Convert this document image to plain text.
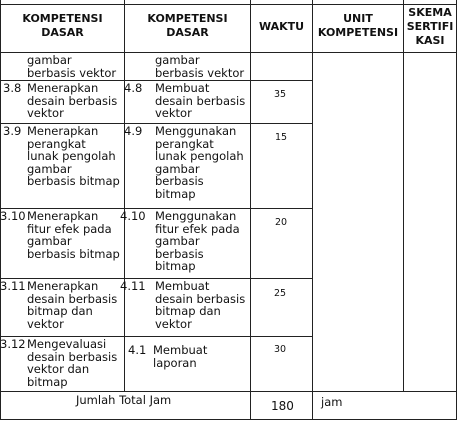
KOMPETENSI DASAR
KOMPETENSI DASAR	WAKTU
UNIT KOMPETENSI
SKEMA SERTIFIKASI
gambar
berbasis vektor
gambar
berbasis vektor
3.8 Menerapkan
desain berbasis
vektor
4.8 Membuat
desain berbasis
vektor
35
3.9 Menerapkan
perangkat
lunak pengolah
gambar
berbasis bitmap
4.9 Menggunakan
perangkat
lunak pengolah
gambar
berbasis
bitmap
15
3.10 Menerapkan
fitur efek pada
gambar
berbasis bitmap
4.10 Menggunakan
fitur efek pada
gambar
berbasis
bitmap
20
3.11 Menerapkan
desain berbasis
bitmap dan
vektor
4.11 Membuat
desain berbasis
bitmap dan
vektor
25
3.12 Mengevaluasi
desain berbasis
vektor dan
bitmap
4.1 Membuat
laporan
30
Jumlah Total Jam	180 jam
